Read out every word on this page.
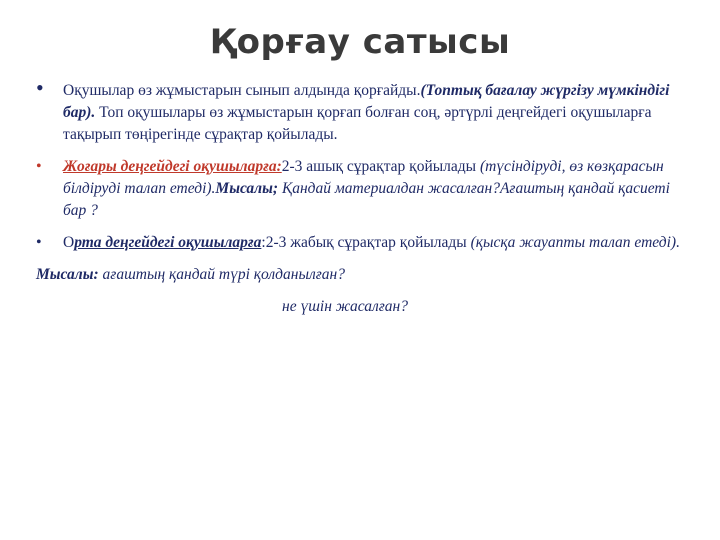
Қорғау сатысы
• Оқушылар өз жұмыстарын сынып алдында қорғайды.(Топтық бағалау жүргізу мүмкіндігі бар). Топ оқушылары өз жұмыстарын қорғап болған соң, әртүрлі деңгейдегі оқушыларға тақырып төңірегінде сұрақтар қойылады.
• Жоғары деңгейдегі оқушыларға:2-3 ашық сұрақтар қойылады (түсіндіруді, өз көзқарасын білдіруді талап етеді).Мысалы; Қандай материалдан жасалған?Ағаштың қандай қасиеті бар ?
• Орта деңгейдегі оқушыларға:2-3 жабық сұрақтар қойылады (қысқа жауапты талап етеді).
Мысалы: ағаштың қандай түрі қолданылған?
не үшін жасалған?
